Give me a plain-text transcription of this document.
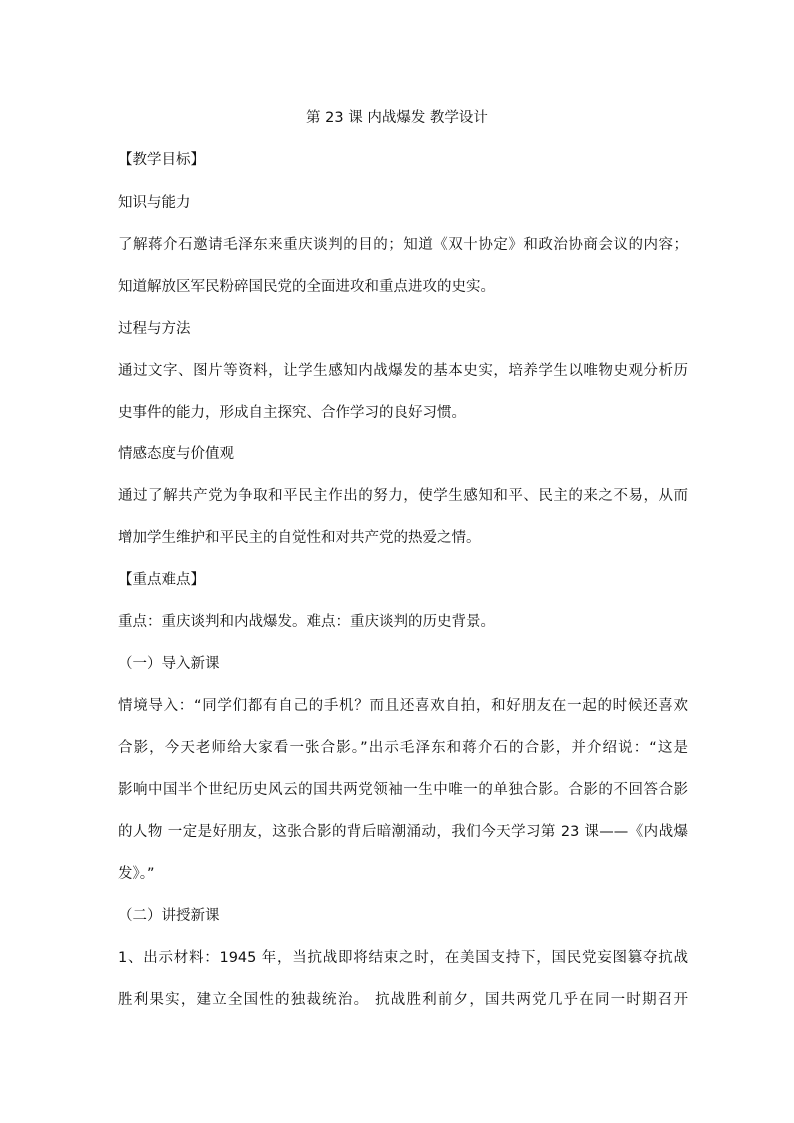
第 23 课 内战爆发 教学设计
【教学目标】
知识与能力
了解蒋介石邀请毛泽东来重庆谈判的目的；知道《双十协定》和政治协商会议的内容；
知道解放区军民粉碎国民党的全面进攻和重点进攻的史实。
过程与方法
通过文字、图片等资料，让学生感知内战爆发的基本史实，培养学生以唯物史观分析历
史事件的能力，形成自主探究、合作学习的良好习惯。
情感态度与价值观
通过了解共产党为争取和平民主作出的努力，使学生感知和平、民主的来之不易，从而
增加学生维护和平民主的自觉性和对共产党的热爱之情。
【重点难点】
重点：重庆谈判和内战爆发。难点：重庆谈判的历史背景。
（一）导入新课
情境导入：“同学们都有自己的手机？而且还喜欢自拍，和好朋友在一起的时候还喜欢
合影，今天老师给大家看一张合影。”出示毛泽东和蒋介石的合影，并介绍说：“这是
影响中国半个世纪历史风云的国共两党领袖一生中唯一的单独合影。合影的不回答合影
的人物 一定是好朋友，这张合影的背后暗潮涌动，我们今天学习第 23 课——《内战爆
发》。”
（二）讲授新课
1、出示材料：1945 年，当抗战即将结束之时，在美国支持下，国民党妄图篡夺抗战
胜利果实，建立全国性的独裁统治。 抗战胜利前夕，国共两党几乎在同一时期召开
